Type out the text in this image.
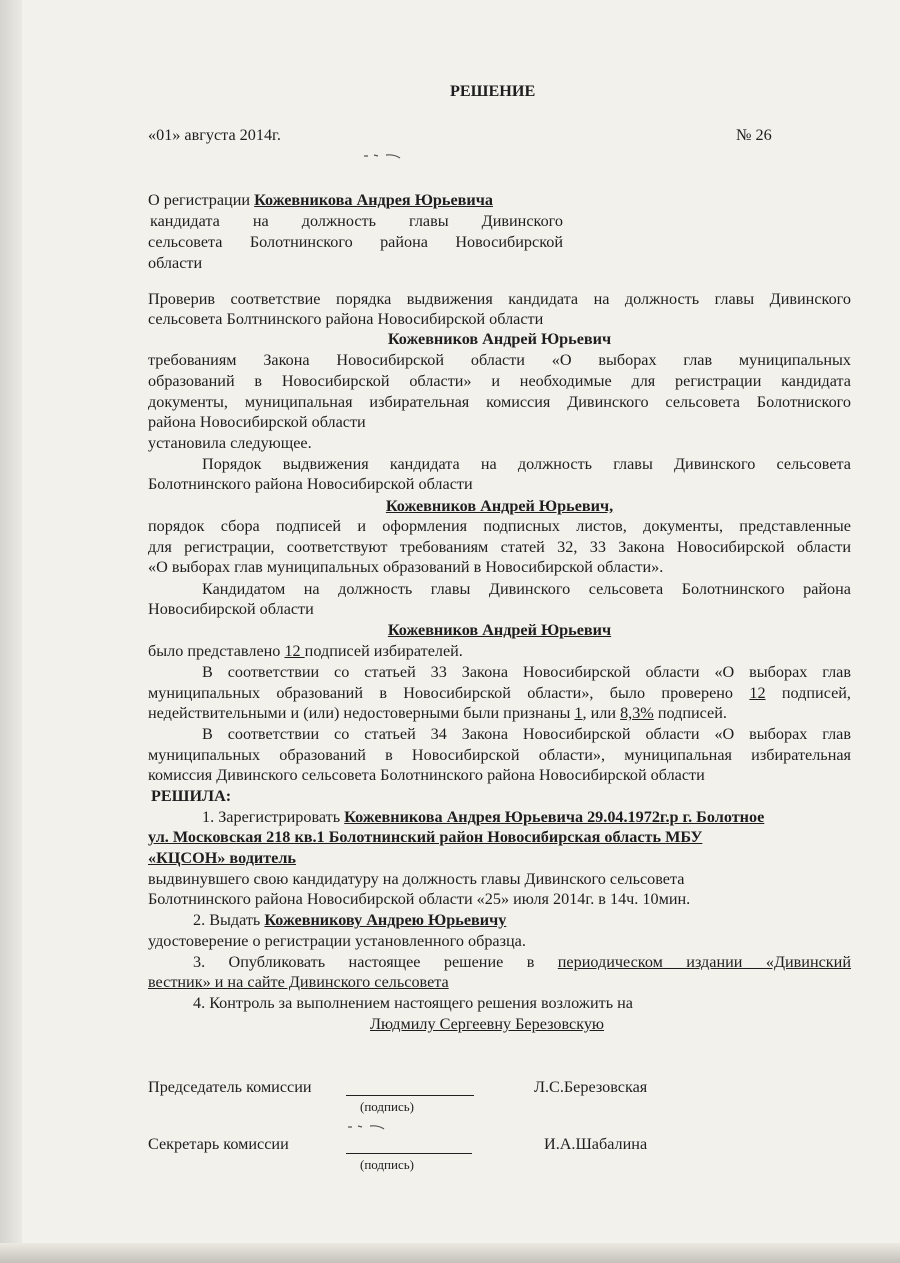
РЕШЕНИЕ
«01» августа 2014г.	№ 26
О регистрации Кожевникова Андрея Юрьевича
кандидата на должность главы Дивинского
сельсовета Болотнинского района Новосибирской
области
Проверив соответствие порядка выдвижения кандидата на должность главы Дивинского
сельсовета Болтнинского района Новосибирской области
Кожевников Андрей Юрьевич
требованиям Закона Новосибирской области «О выборах глав муниципальных
образований в Новосибирской области» и необходимые для регистрации кандидата
документы, муниципальная избирательная комиссия Дивинского сельсовета Болотниского
района Новосибирской области
установила следующее.
Порядок выдвижения кандидата на должность главы Дивинского сельсовета
Болотнинского района Новосибирской области
Кожевников Андрей Юрьевич,
порядок сбора подписей и оформления подписных листов, документы, представленные
для регистрации, соответствуют требованиям статей 32, 33 Закона Новосибирской области
«О выборах глав муниципальных образований в Новосибирской области».
Кандидатом на должность главы Дивинского сельсовета Болотнинского района
Новосибирской области
Кожевников Андрей Юрьевич
было представлено 12 подписей избирателей.
В соответствии со статьей 33 Закона Новосибирской области «О выборах глав
муниципальных образований в Новосибирской области», было проверено 12 подписей,
недействительными и (или) недостоверными были признаны 1, или 8,3% подписей.
В соответствии со статьей 34 Закона Новосибирской области «О выборах глав
муниципальных образований в Новосибирской области», муниципальная избирательная
комиссия Дивинского сельсовета Болотнинского района Новосибирской области
РЕШИЛА:
1. Зарегистрировать Кожевникова Андрея Юрьевича 29.04.1972г.р г. Болотное
ул. Московская 218 кв.1 Болотнинский район Новосибирская область МБУ
«КЦСОН» водитель
выдвинувшего свою кандидатуру на должность главы Дивинского сельсовета
Болотнинского района Новосибирской области «25» июля 2014г. в 14ч. 10мин.
2. Выдать Кожевникову Андрею Юрьевичу
удостоверение о регистрации установленного образца.
3. Опубликовать настоящее решение в периодическом издании «Дивинский
вестник» и на сайте Дивинского сельсовета
4. Контроль за выполнением настоящего решения возложить на
Людмилу Сергеевну Березовскую
Председатель комиссии	Л.С.Березовская
(подпись)
Секретарь комиссии	И.А.Шабалина
(подпись)
